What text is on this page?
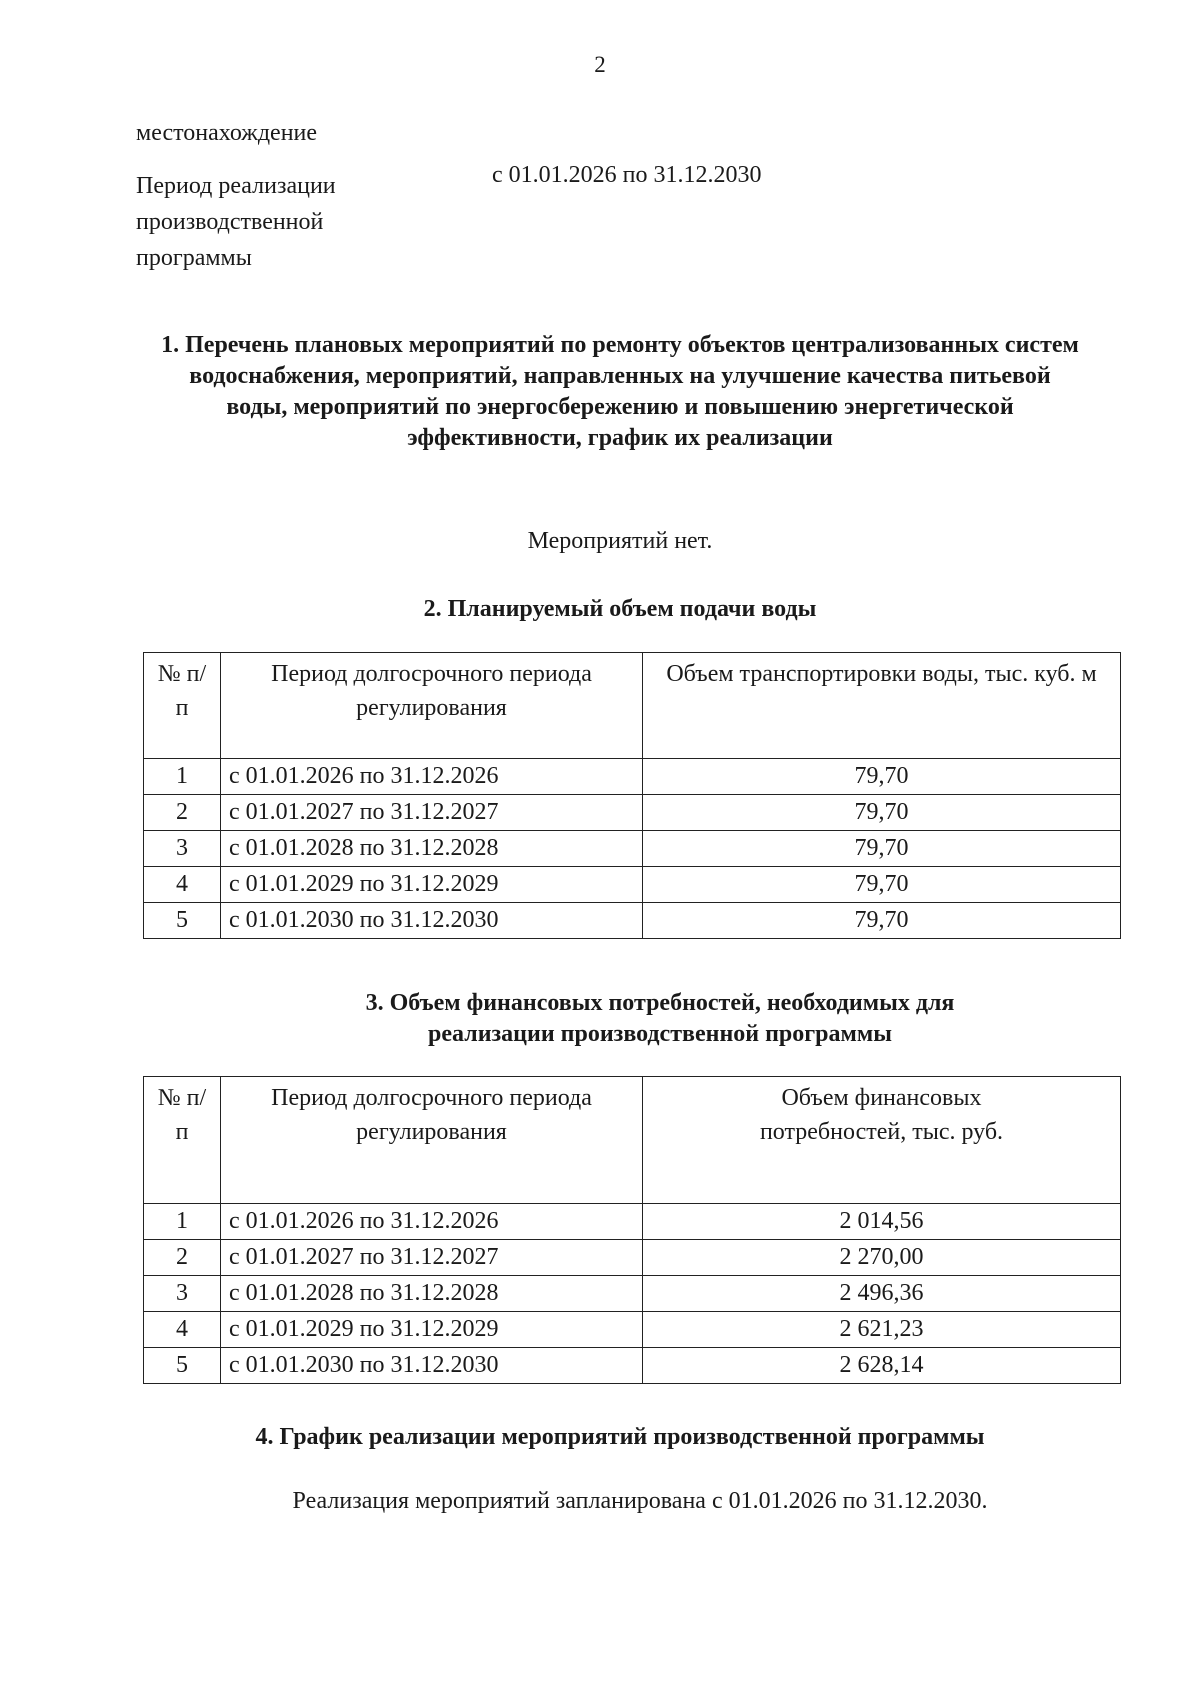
2
местонахождение
Период реализации производственной программы
с 01.01.2026 по 31.12.2030
1. Перечень плановых мероприятий по ремонту объектов централизованных систем водоснабжения, мероприятий, направленных на улучшение качества питьевой воды, мероприятий по энергосбережению и повышению энергетической эффективности, график их реализации
Мероприятий нет.
2. Планируемый объем подачи воды
№ п/п	Период долгосрочного периода регулирования	Объем транспортировки воды, тыс. куб. м
1	с 01.01.2026 по 31.12.2026	79,70
2	с 01.01.2027 по 31.12.2027	79,70
3	с 01.01.2028 по 31.12.2028	79,70
4	с 01.01.2029 по 31.12.2029	79,70
5	с 01.01.2030 по 31.12.2030	79,70
3. Объем финансовых потребностей, необходимых для реализации производственной программы
№ п/п	Период долгосрочного периода регулирования	Объем финансовых потребностей, тыс. руб.
1	с 01.01.2026 по 31.12.2026	2 014,56
2	с 01.01.2027 по 31.12.2027	2 270,00
3	с 01.01.2028 по 31.12.2028	2 496,36
4	с 01.01.2029 по 31.12.2029	2 621,23
5	с 01.01.2030 по 31.12.2030	2 628,14
4. График реализации мероприятий производственной программы
Реализация мероприятий запланирована с 01.01.2026 по 31.12.2030.
